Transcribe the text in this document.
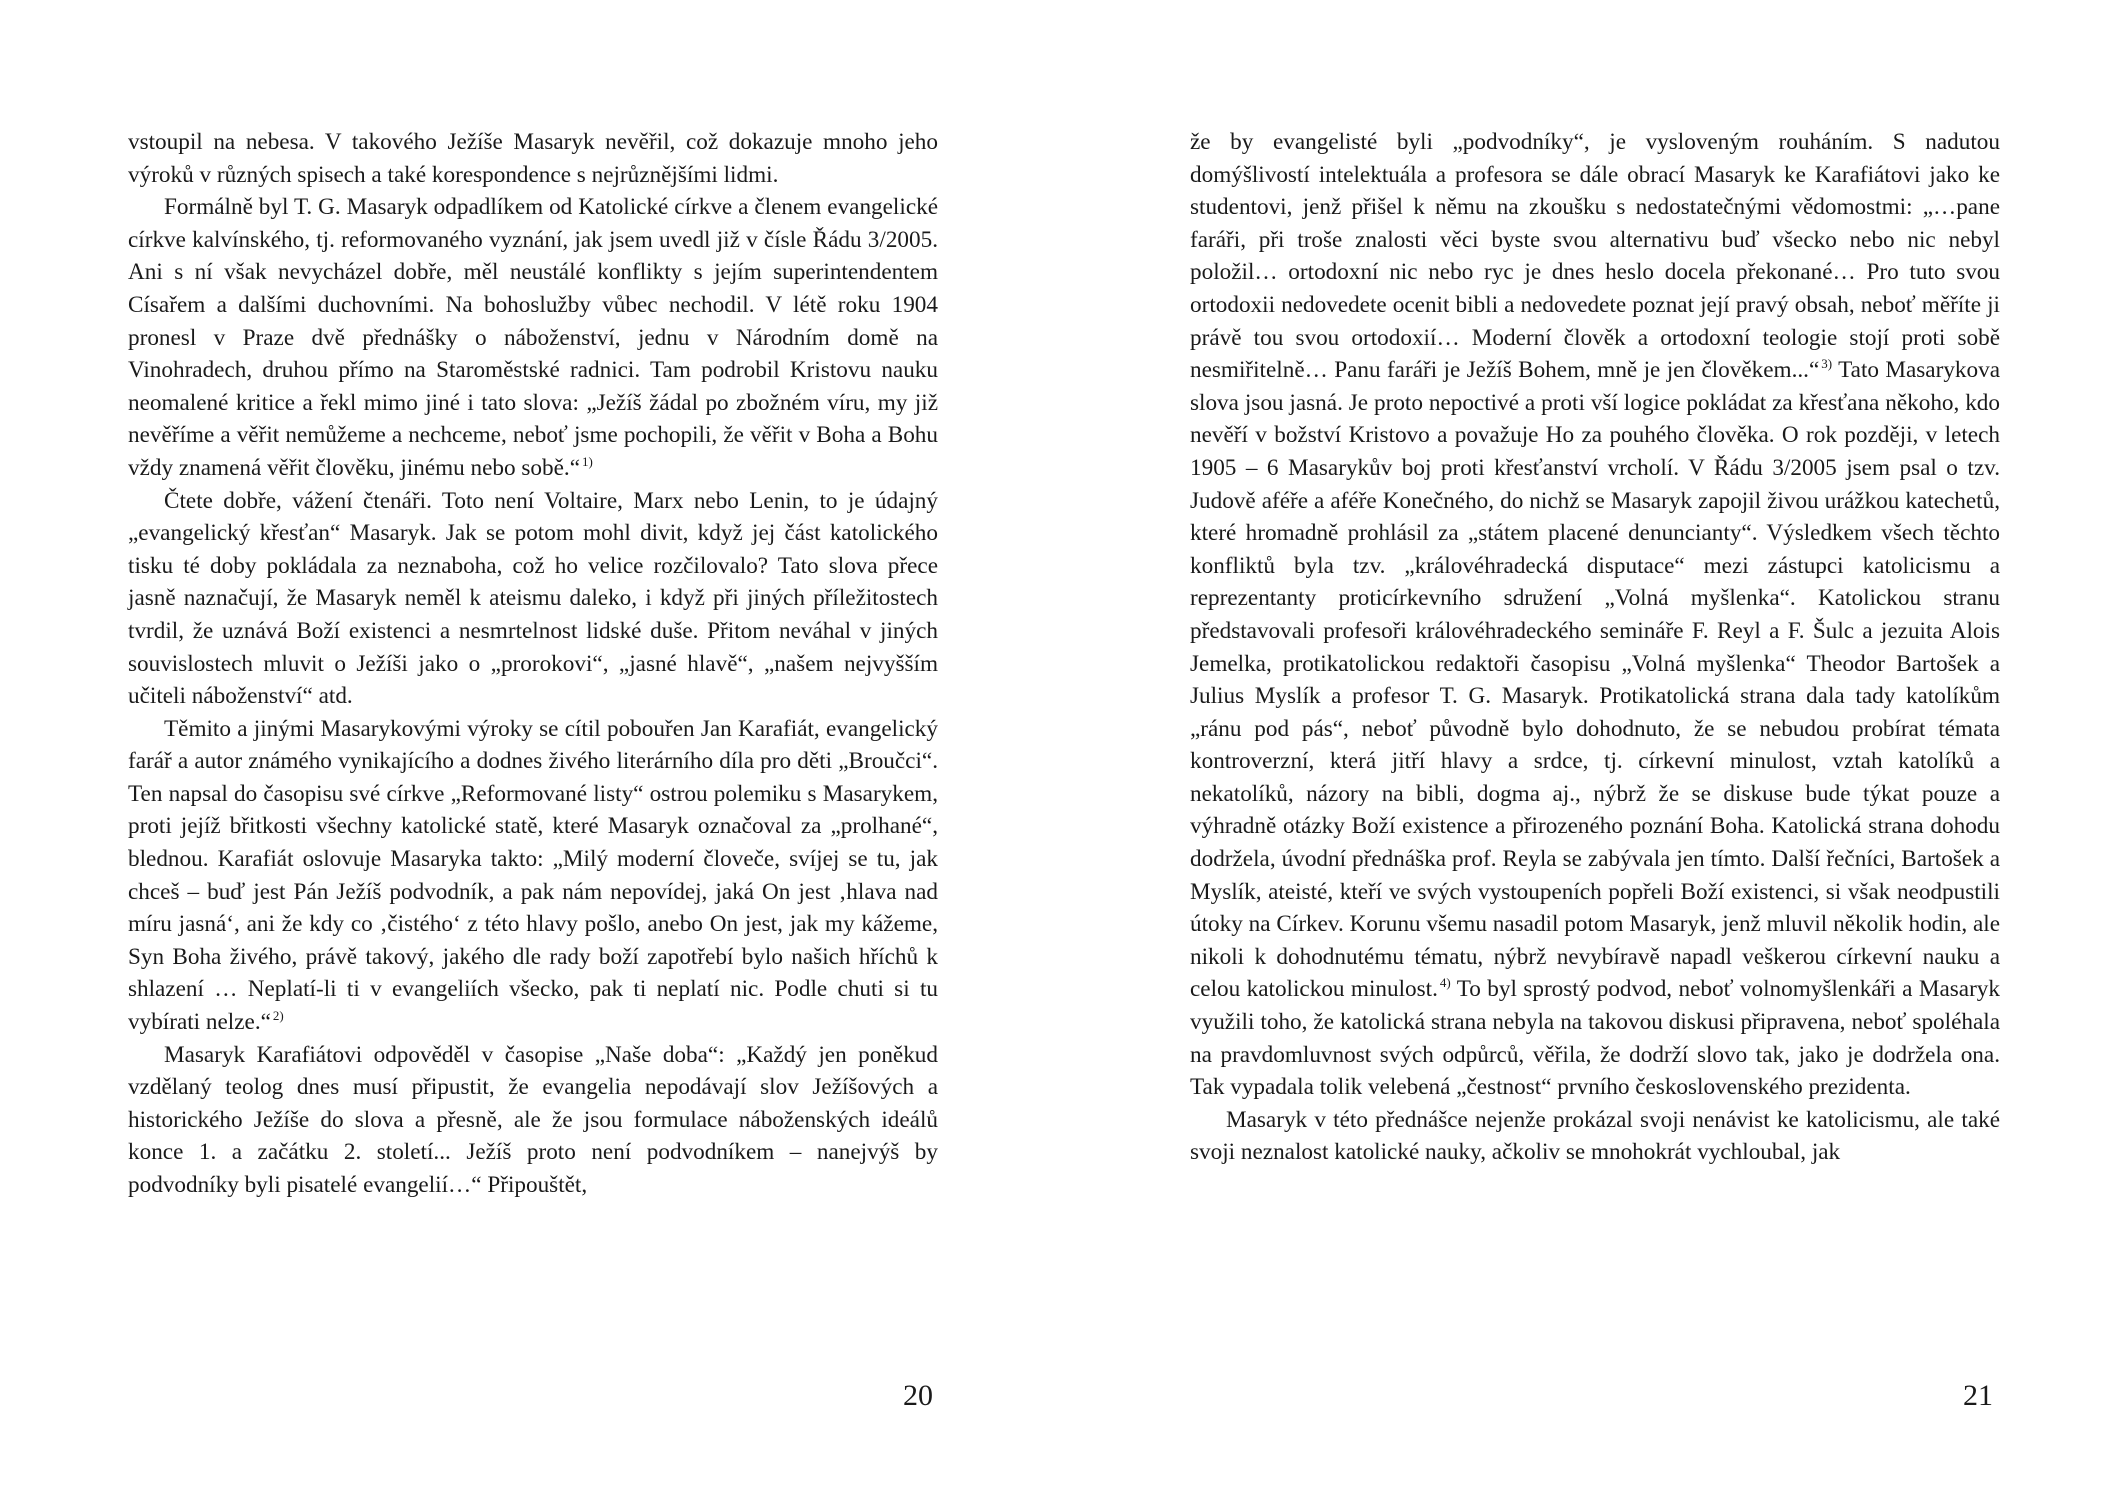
vstoupil na nebesa. V takového Ježíše Masaryk nevěřil, což dokazuje mnoho jeho výroků v různých spisech a také korespondence s nejrůznějšími lidmi.

Formálně byl T. G. Masaryk odpadlíkem od Katolické církve a členem evangelické církve kalvínského, tj. reformovaného vyznání, jak jsem uvedl již v čísle Řádu 3/2005. Ani s ní však nevycházel dobře, měl neustálé konflikty s jejím superintendentem Císařem a dalšími duchovními. Na bohoslužby vůbec nechodil. V létě roku 1904 pronesl v Praze dvě přednášky o náboženství, jednu v Národním domě na Vinohradech, druhou přímo na Staroměstské radnici. Tam podrobil Kristovu nauku neomalené kritice a řekl mimo jiné i tato slova: „Ježíš žádal po zbožném víru, my již nevěříme a věřit nemůžeme a nechceme, neboť jsme pochopili, že věřit v Boha a Bohu vždy znamená věřit člověku, jinému nebo sobě.“ $^{1)}$

Čtete dobře, vážení čtenáři. Toto není Voltaire, Marx nebo Lenin, to je údajný „evangelický křesťan“ Masaryk. Jak se potom mohl divit, když jej část katolického tisku té doby pokládala za neznaboha, což ho velice rozčilovalo? Tato slova přece jasně naznačují, že Masaryk neměl k ateismu daleko, i když při jiných příležitostech tvrdil, že uznává Boží existenci a nesmrtelnost lidské duše. Přitom neváhal v jiných souvislostech mluvit o Ježíši jako o „prorokovi“, „jasné hlavě“, „našem nejvyšším učiteli náboženství“ atd.

Těmito a jinými Masarykovými výroky se cítil pobouřen Jan Karafiát, evangelický farář a autor známého vynikajícího a dodnes živého literárního díla pro děti „Broučci“. Ten napsal do časopisu své církve „Reformované listy“ ostrou polemiku s Masarykem, proti jejíž břitkosti všechny katolické statě, které Masaryk označoval za „prolhané“, blednou. Karafiát oslovuje Masaryka takto: „Milý moderní človeče, svíjej se tu, jak chceš – buď jest Pán Ježíš podvodník, a pak nám nepovídej, jaká On jest ‚hlava nad míru jasná‘, ani že kdy co ‚čistého‘ z této hlavy pošlo, anebo On jest, jak my kážeme, Syn Boha živého, právě takový, jakého dle rady boží zapotřebí bylo našich hříchů k shlazení … Neplatí-li ti v evangeliích všecko, pak ti neplatí nic. Podle chuti si tu vybírati nelze.“ $^{2)}$

Masaryk Karafiátovi odpověděl v časopise „Naše doba“: „Každý jen poněkud vzdělaný teolog dnes musí připustit, že evangelia nepodávají slov Ježíšových a historického Ježíše do slova a přesně, ale že jsou formulace náboženských ideálů konce 1. a začátku 2. století... Ježíš proto není podvodníkem – nanejvýš by podvodníky byli pisatelé evangelií…“ Připouštět,

20

že by evangelisté byli „podvodníky“, je vysloveným rouháním. S nadutou domýšlivostí intelektuála a profesora se dále obrací Masaryk ke Karafiátovi jako ke studentovi, jenž přišel k němu na zkoušku s nedostatečnými vědomostmi: „…pane faráři, při troše znalosti věci byste svou alternativu buď všecko nebo nic nebyl položil… ortodoxní nic nebo ryc je dnes heslo docela překonané… Pro tuto svou ortodoxii nedovedete ocenit bibli a nedovedete poznat její pravý obsah, neboť měříte ji právě tou svou ortodoxií… Moderní člověk a ortodoxní teologie stojí proti sobě nesmiřitelně… Panu faráři je Ježíš Bohem, mně je jen člověkem...“ $^{3)}$ Tato Masarykova slova jsou jasná. Je proto nepoctivé a proti vší logice pokládat za křesťana někoho, kdo nevěří v božství Kristovo a považuje Ho za pouhého člověka. O rok později, v letech 1905 – 6 Masarykův boj proti křesťanství vrcholí. V Řádu 3/2005 jsem psal o tzv. Judově aféře a aféře Konečného, do nichž se Masaryk zapojil živou urážkou katechetů, které hromadně prohlásil za „státem placené denuncianty“. Výsledkem všech těchto konfliktů byla tzv. „královéhradecká disputace“ mezi zástupci katolicismu a reprezentanty proticírkevního sdružení „Volná myšlenka“. Katolickou stranu představovali profesoři královéhradeckého semináře F. Reyl a F. Šulc a jezuita Alois Jemelka, protikatolickou redaktoři časopisu „Volná myšlenka“ Theodor Bartošek a Julius Myslík a profesor T. G. Masaryk. Protikatolická strana dala tady katolíkům „ránu pod pás“, neboť původně bylo dohodnuto, že se nebudou probírat témata kontroverzní, která jitří hlavy a srdce, tj. církevní minulost, vztah katolíků a nekatolíků, názory na bibli, dogma aj., nýbrž že se diskuse bude týkat pouze a výhradně otázky Boží existence a přirozeného poznání Boha. Katolická strana dohodu dodržela, úvodní přednáška prof. Reyla se zabývala jen tímto. Další řečníci, Bartošek a Myslík, ateisté, kteří ve svých vystoupeních popřeli Boží existenci, si však neodpustili útoky na Církev. Korunu všemu nasadil potom Masaryk, jenž mluvil několik hodin, ale nikoli k dohodnutému tématu, nýbrž nevybíravě napadl veškerou církevní nauku a celou katolickou minulost. $^{4)}$ To byl sprostý podvod, neboť volnomyšlenkáři a Masaryk využili toho, že katolická strana nebyla na takovou diskusi připravena, neboť spoléhala na pravdomluvnost svých odpůrců, věřila, že dodrží slovo tak, jako je dodržela ona. Tak vypadala tolik velebená „čestnost“ prvního československého prezidenta.

Masaryk v této přednášce nejenže prokázal svoji nenávist ke katolicismu, ale také svoji neznalost katolické nauky, ačkoliv se mnohokrát vychloubal, jak

21
